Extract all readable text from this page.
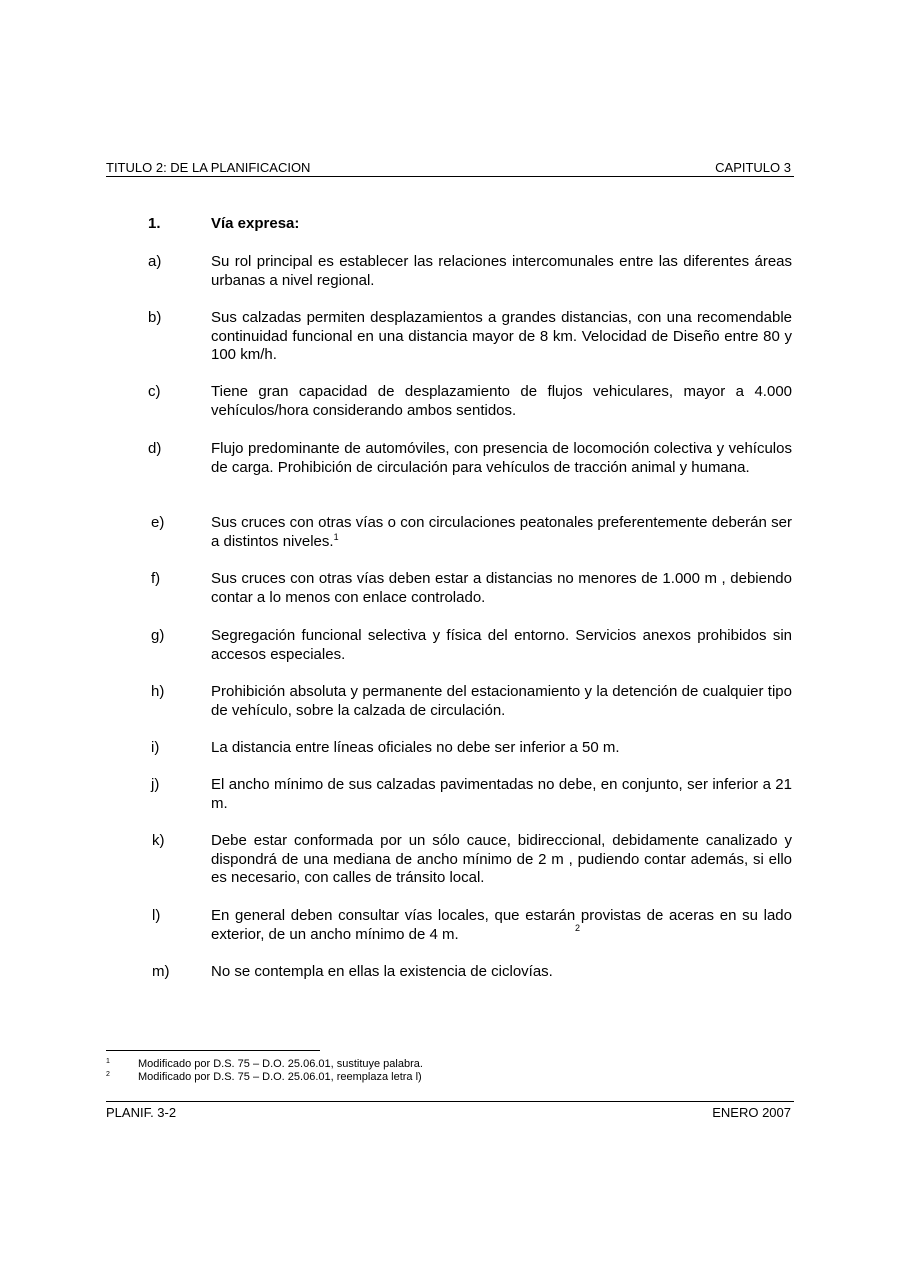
TITULO 2: DE LA PLANIFICACION	CAPITULO 3
1.	Vía expresa:
a)	Su rol principal es establecer las relaciones intercomunales entre las diferentes áreas urbanas a nivel regional.
b)	Sus calzadas permiten desplazamientos a grandes distancias, con una recomendable continuidad funcional en una distancia mayor de 8 km. Velocidad de Diseño entre 80 y 100 km/h.
c)	Tiene gran capacidad de desplazamiento de flujos vehiculares, mayor a 4.000 vehículos/hora considerando ambos sentidos.
d)	Flujo predominante de automóviles, con presencia de locomoción colectiva y vehículos de carga. Prohibición de circulación para vehículos de tracción animal y humana.
e)	Sus cruces con otras vías o con circulaciones peatonales preferentemente deberán ser a distintos niveles.$^1$
f)	Sus cruces con otras vías deben estar a distancias no menores de 1.000 m , debiendo contar a lo menos con enlace controlado.
g)	Segregación funcional selectiva y física del entorno. Servicios anexos prohibidos sin accesos especiales.
h)	Prohibición absoluta y permanente del estacionamiento y la detención de cualquier tipo de vehículo, sobre la calzada de circulación.
i)	La distancia entre líneas oficiales no debe ser inferior a 50 m.
j)	El ancho mínimo de sus calzadas pavimentadas no debe, en conjunto, ser inferior a 21 m.
k)	Debe estar conformada por un sólo cauce, bidireccional, debidamente canalizado y dispondrá de una mediana de ancho mínimo de 2 m , pudiendo contar además, si ello es necesario, con calles de tránsito local.
l)	En general deben consultar vías locales, que estarán provistas de aceras en su lado exterior, de un ancho mínimo de 4 m.	2
m)	No se contempla en ellas la existencia de ciclovías.
1	Modificado por D.S. 75 – D.O. 25.06.01, sustituye palabra.
2	Modificado por D.S. 75 – D.O. 25.06.01, reemplaza letra l)
PLANIF. 3-2	ENERO 2007
